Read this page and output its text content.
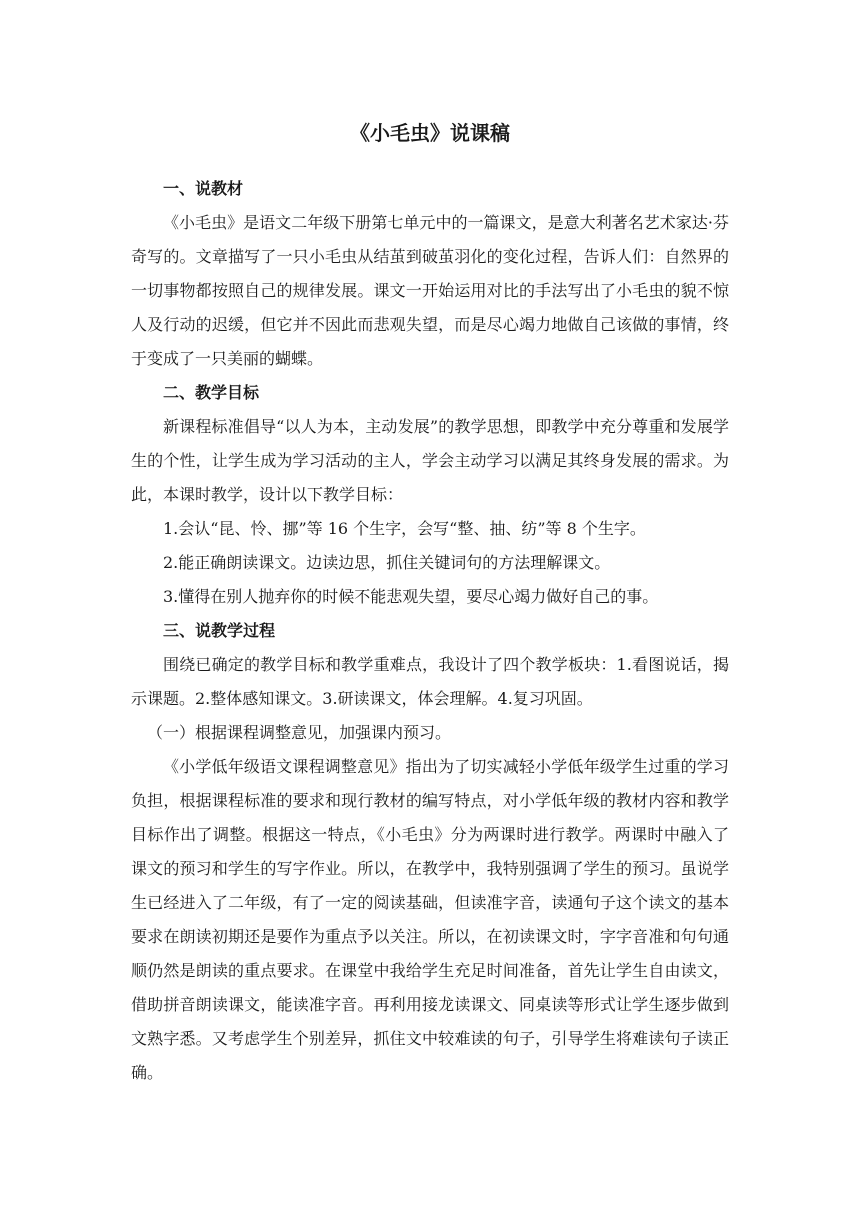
《小毛虫》说课稿

一、说教材

《小毛虫》是语文二年级下册第七单元中的一篇课文，是意大利著名艺术家达·芬奇写的。文章描写了一只小毛虫从结茧到破茧羽化的变化过程，告诉人们：自然界的一切事物都按照自己的规律发展。课文一开始运用对比的手法写出了小毛虫的貌不惊人及行动的迟缓，但它并不因此而悲观失望，而是尽心竭力地做自己该做的事情，终于变成了一只美丽的蝴蝶。

二、教学目标

新课程标准倡导“以人为本，主动发展”的教学思想，即教学中充分尊重和发展学生的个性，让学生成为学习活动的主人，学会主动学习以满足其终身发展的需求。为此，本课时教学，设计以下教学目标：

1.会认“昆、怜、挪”等 16 个生字，会写“整、抽、纺”等 8 个生字。

2.能正确朗读课文。边读边思，抓住关键词句的方法理解课文。

3.懂得在别人抛弃你的时候不能悲观失望，要尽心竭力做好自己的事。

三、说教学过程

围绕已确定的教学目标和教学重难点，我设计了四个教学板块：1.看图说话，揭示课题。2.整体感知课文。3.研读课文，体会理解。4.复习巩固。

（一）根据课程调整意见，加强课内预习。

《小学低年级语文课程调整意见》指出为了切实减轻小学低年级学生过重的学习负担，根据课程标准的要求和现行教材的编写特点，对小学低年级的教材内容和教学目标作出了调整。根据这一特点，《小毛虫》分为两课时进行教学。两课时中融入了课文的预习和学生的写字作业。所以，在教学中，我特别强调了学生的预习。虽说学生已经进入了二年级，有了一定的阅读基础，但读准字音，读通句子这个读文的基本要求在朗读初期还是要作为重点予以关注。所以，在初读课文时，字字音准和句句通顺仍然是朗读的重点要求。在课堂中我给学生充足时间准备，首先让学生自由读文，借助拼音朗读课文，能读准字音。再利用接龙读课文、同桌读等形式让学生逐步做到文熟字悉。又考虑学生个别差异，抓住文中较难读的句子，引导学生将难读句子读正确。
